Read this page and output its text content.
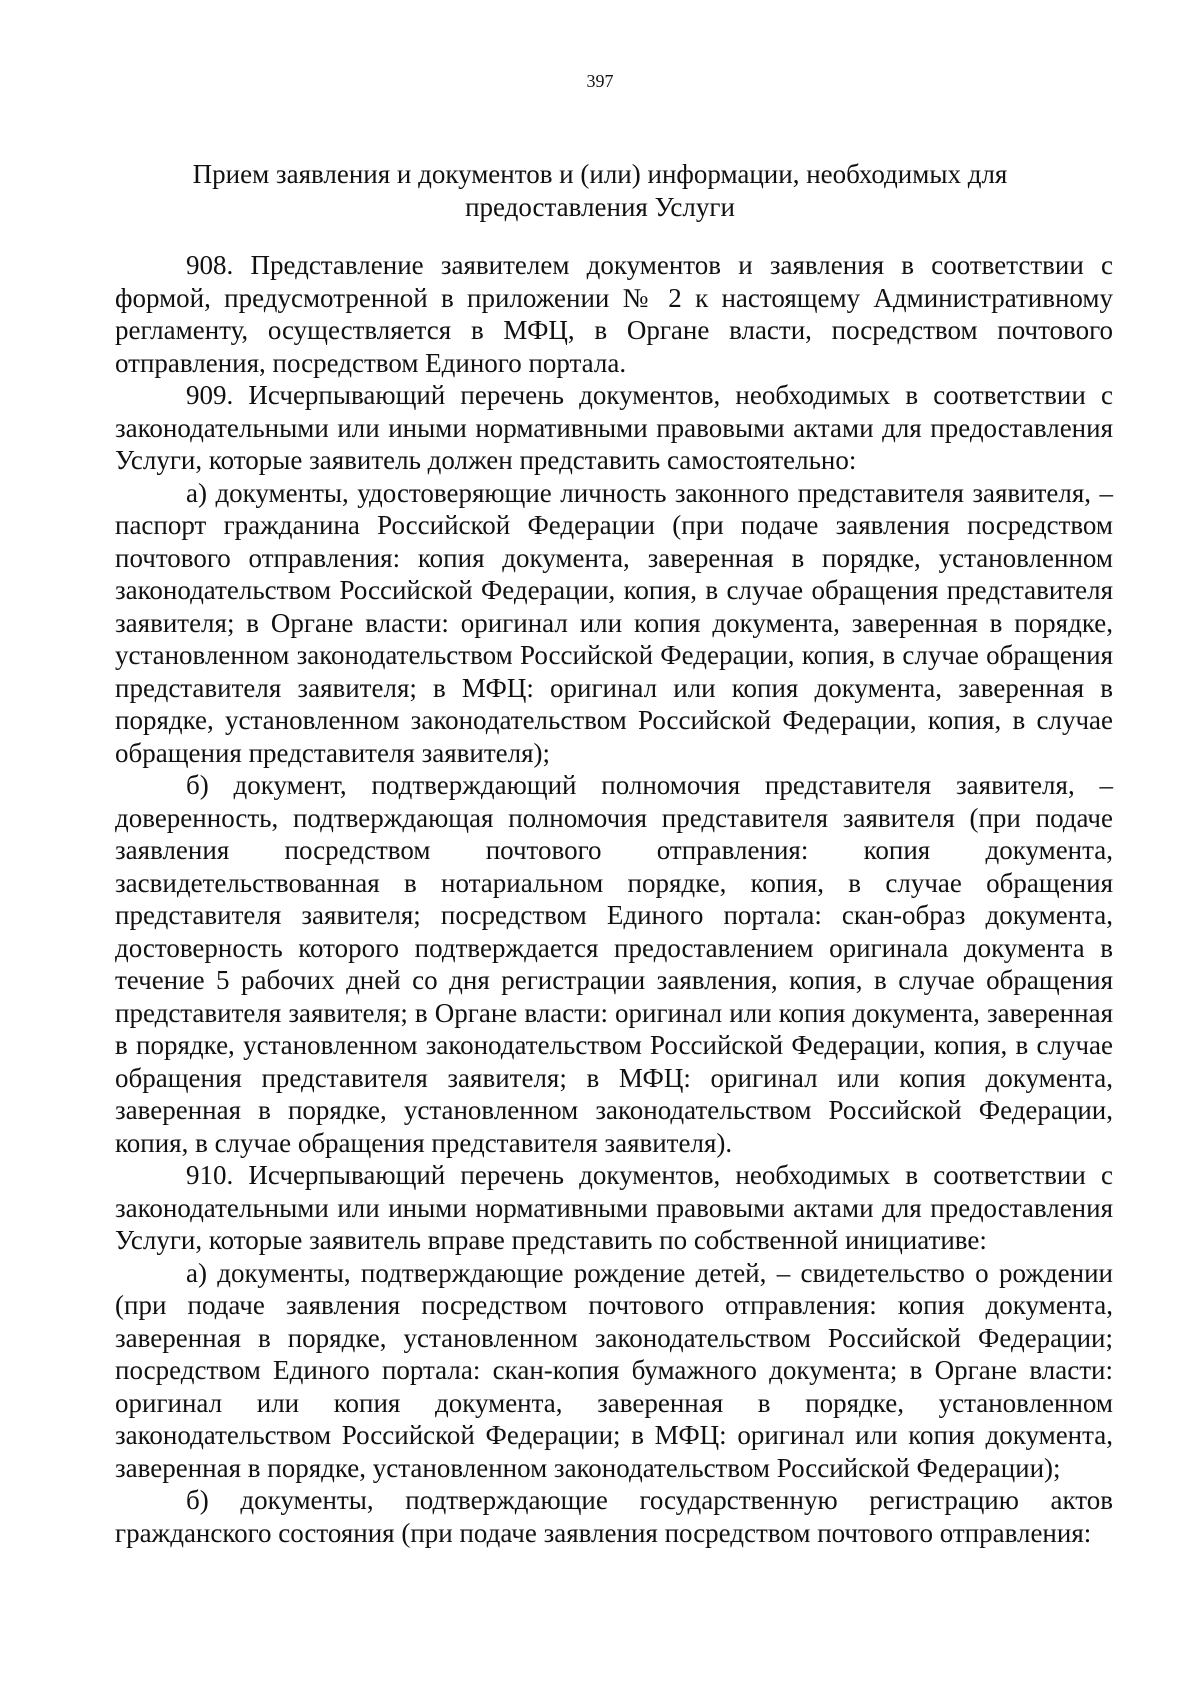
397
Прием заявления и документов и (или) информации, необходимых для
предоставления Услуги

908. Представление заявителем документов и заявления в соответствии с формой, предусмотренной в приложении № 2 к настоящему Административному регламенту, осуществляется в МФЦ, в Органе власти, посредством почтового отправления, посредством Единого портала.

909. Исчерпывающий перечень документов, необходимых в соответствии с законодательными или иными нормативными правовыми актами для предоставления Услуги, которые заявитель должен представить самостоятельно:

а) документы, удостоверяющие личность законного представителя заявителя, – паспорт гражданина Российской Федерации (при подаче заявления посредством почтового отправления: копия документа, заверенная в порядке, установленном законодательством Российской Федерации, копия, в случае обращения представителя заявителя; в Органе власти: оригинал или копия документа, заверенная в порядке, установленном законодательством Российской Федерации, копия, в случае обращения представителя заявителя; в МФЦ: оригинал или копия документа, заверенная в порядке, установленном законодательством Российской Федерации, копия, в случае обращения представителя заявителя);

б) документ, подтверждающий полномочия представителя заявителя, – доверенность, подтверждающая полномочия представителя заявителя (при подаче заявления посредством почтового отправления: копия документа, засвидетельствованная в нотариальном порядке, копия, в случае обращения представителя заявителя; посредством Единого портала: скан-образ документа, достоверность которого подтверждается предоставлением оригинала документа в течение 5 рабочих дней со дня регистрации заявления, копия, в случае обращения представителя заявителя; в Органе власти: оригинал или копия документа, заверенная в порядке, установленном законодательством Российской Федерации, копия, в случае обращения представителя заявителя; в МФЦ: оригинал или копия документа, заверенная в порядке, установленном законодательством Российской Федерации, копия, в случае обращения представителя заявителя).

910. Исчерпывающий перечень документов, необходимых в соответствии с законодательными или иными нормативными правовыми актами для предоставления Услуги, которые заявитель вправе представить по собственной инициативе:

а) документы, подтверждающие рождение детей, – свидетельство о рождении (при подаче заявления посредством почтового отправления: копия документа, заверенная в порядке, установленном законодательством Российской Федерации; посредством Единого портала: скан-копия бумажного документа; в Органе власти: оригинал или копия документа, заверенная в порядке, установленном законодательством Российской Федерации; в МФЦ: оригинал или копия документа, заверенная в порядке, установленном законодательством Российской Федерации);

б) документы, подтверждающие государственную регистрацию актов гражданского состояния (при подаче заявления посредством почтового отправления:
